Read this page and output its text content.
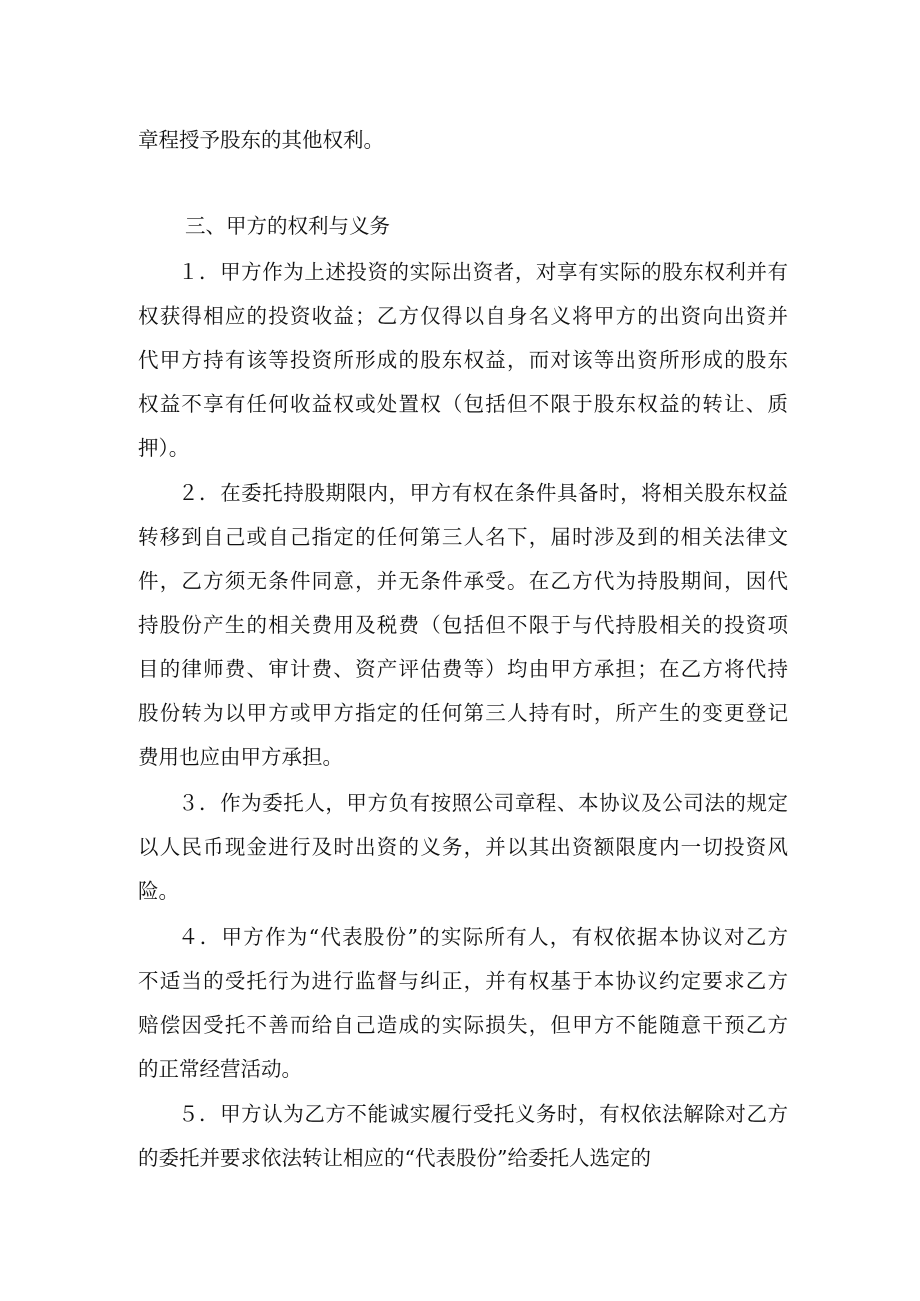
章程授予股东的其他权利。
三、甲方的权利与义务
１．甲方作为上述投资的实际出资者，对享有实际的股东权利并有
权获得相应的投资收益；乙方仅得以自身名义将甲方的出资向出资并
代甲方持有该等投资所形成的股东权益，而对该等出资所形成的股东
权益不享有任何收益权或处置权（包括但不限于股东权益的转让、质
押）。
２．在委托持股期限内，甲方有权在条件具备时，将相关股东权益
转移到自己或自己指定的任何第三人名下，届时涉及到的相关法律文
件，乙方须无条件同意，并无条件承受。在乙方代为持股期间，因代
持股份产生的相关费用及税费（包括但不限于与代持股相关的投资项
目的律师费、审计费、资产评估费等）均由甲方承担；在乙方将代持
股份转为以甲方或甲方指定的任何第三人持有时，所产生的变更登记
费用也应由甲方承担。
３．作为委托人，甲方负有按照公司章程、本协议及公司法的规定
以人民币现金进行及时出资的义务，并以其出资额限度内一切投资风
险。
４．甲方作为“代表股份”的实际所有人，有权依据本协议对乙方
不适当的受托行为进行监督与纠正，并有权基于本协议约定要求乙方
赔偿因受托不善而给自己造成的实际损失，但甲方不能随意干预乙方
的正常经营活动。
５．甲方认为乙方不能诚实履行受托义务时，有权依法解除对乙方
的委托并要求依法转让相应的“代表股份”给委托人选定的
